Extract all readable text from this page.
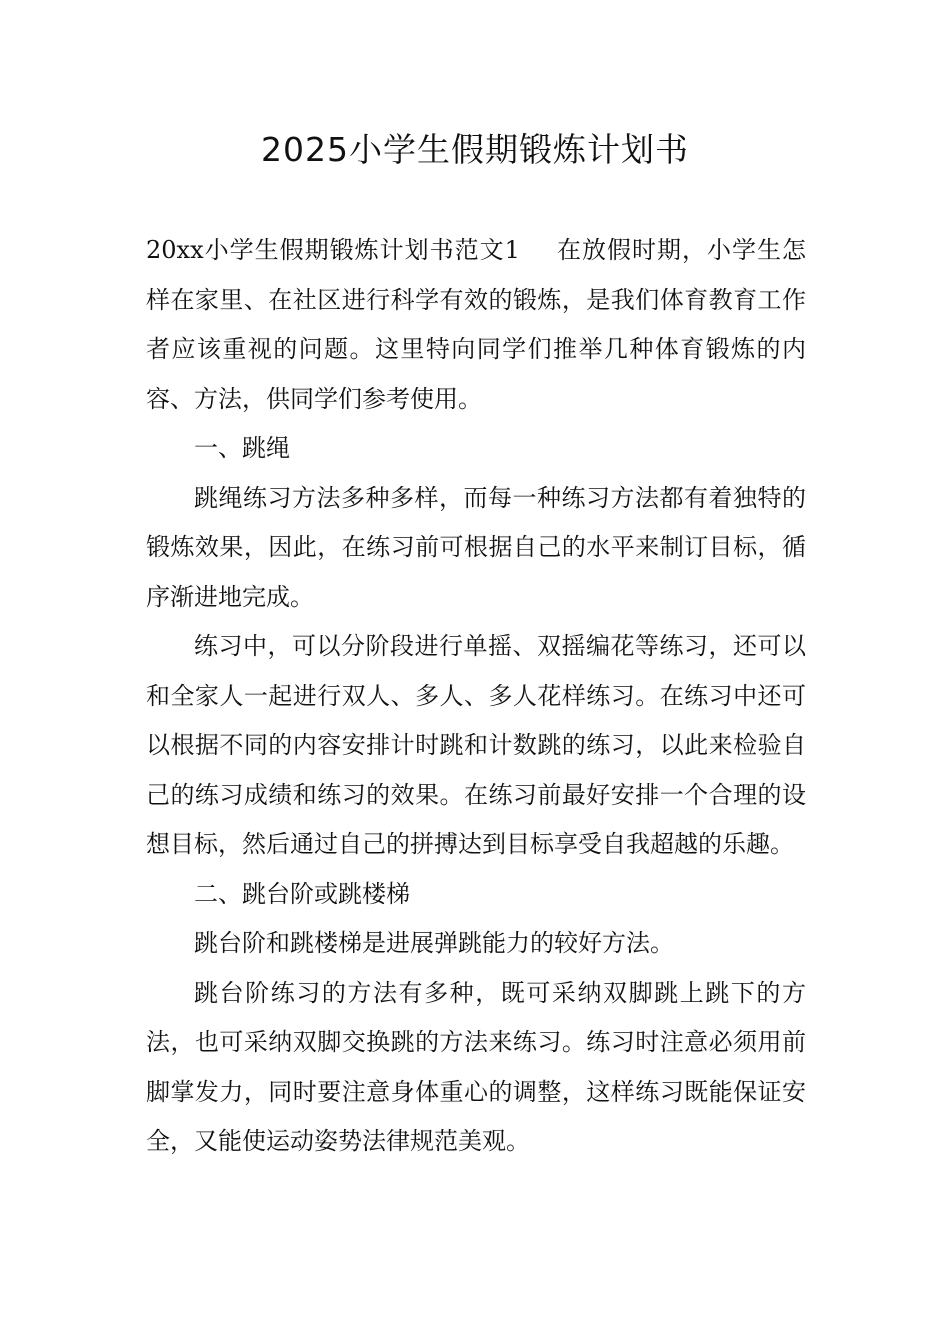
2025小学生假期锻炼计划书

20xx小学生假期锻炼计划书范文1 在放假时期，小学生怎样在家里、在社区进行科学有效的锻炼，是我们体育教育工作者应该重视的问题。这里特向同学们推举几种体育锻炼的内容、方法，供同学们参考使用。

一、跳绳

跳绳练习方法多种多样，而每一种练习方法都有着独特的锻炼效果，因此，在练习前可根据自己的水平来制订目标，循序渐进地完成。

练习中，可以分阶段进行单摇、双摇编花等练习，还可以和全家人一起进行双人、多人、多人花样练习。在练习中还可以根据不同的内容安排计时跳和计数跳的练习，以此来检验自己的练习成绩和练习的效果。在练习前最好安排一个合理的设想目标，然后通过自己的拼搏达到目标享受自我超越的乐趣。

二、跳台阶或跳楼梯

跳台阶和跳楼梯是进展弹跳能力的较好方法。

跳台阶练习的方法有多种，既可采纳双脚跳上跳下的方法，也可采纳双脚交换跳的方法来练习。练习时注意必须用前脚掌发力，同时要注意身体重心的调整，这样练习既能保证安全，又能使运动姿势法律规范美观。
